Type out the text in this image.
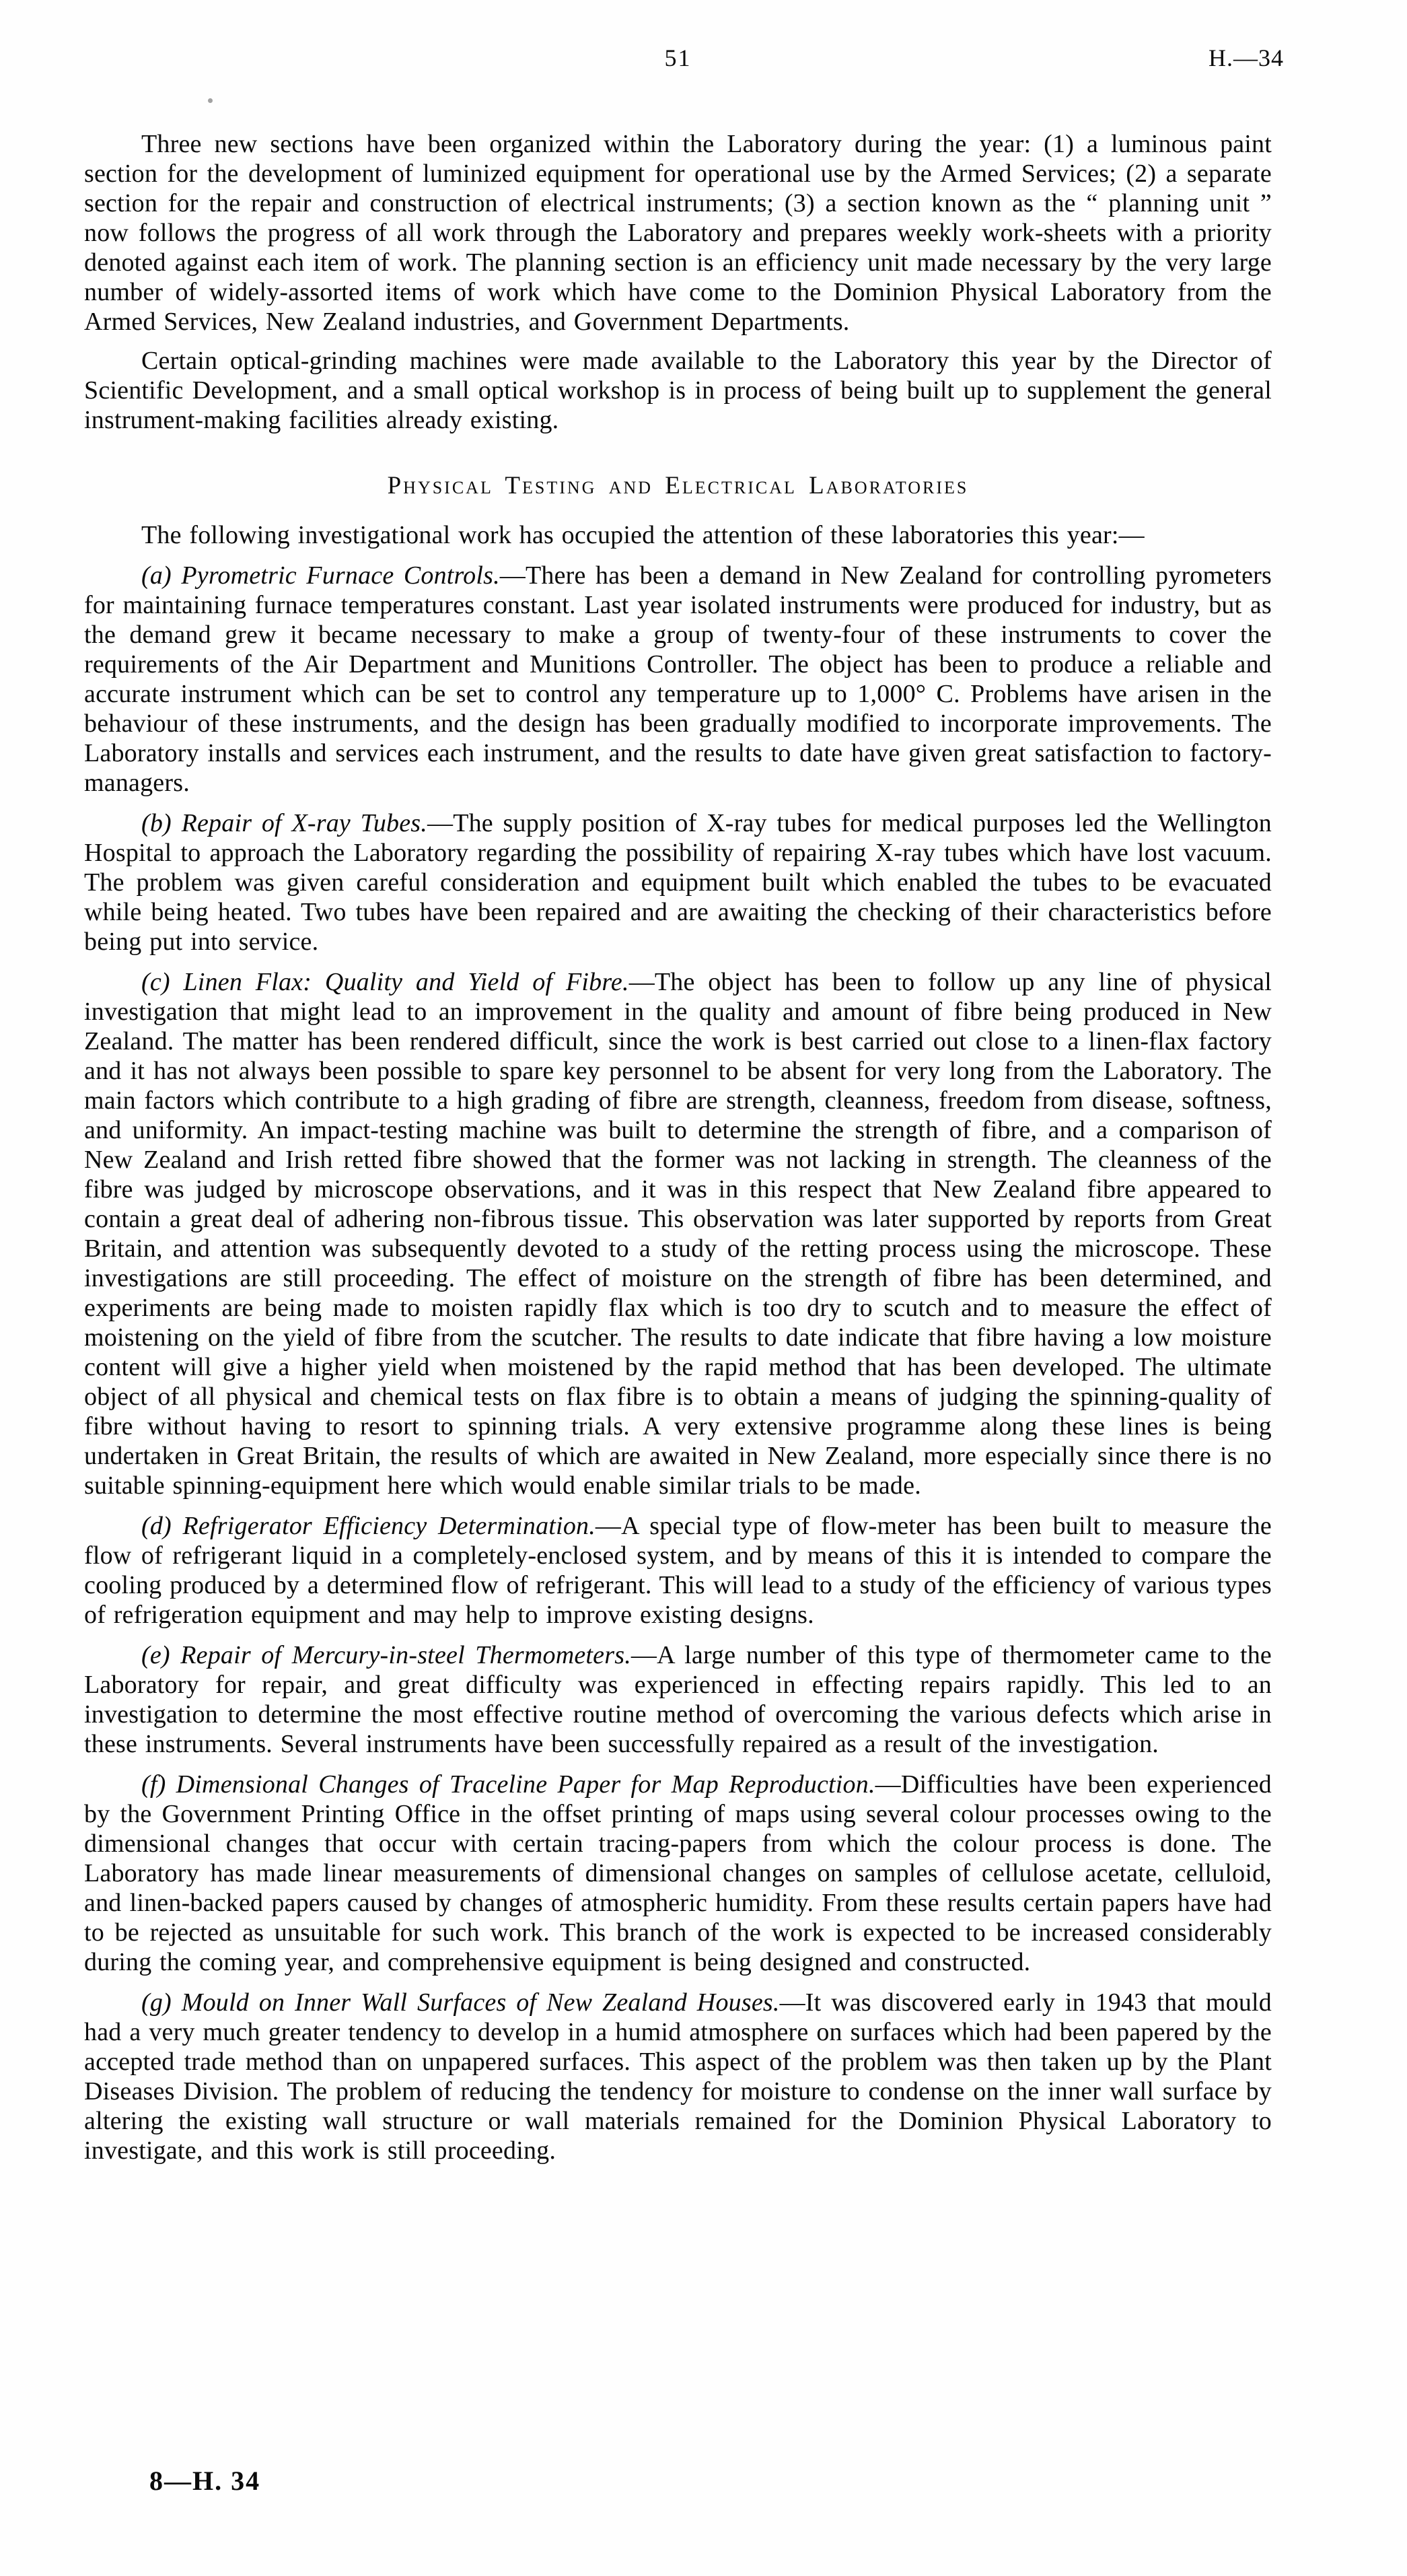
51	H.—34

Three new sections have been organized within the Laboratory during the year: (1) a luminous paint section for the development of luminized equipment for operational use by the Armed Services; (2) a separate section for the repair and construction of electrical instruments; (3) a section known as the “ planning unit ” now follows the progress of all work through the Laboratory and prepares weekly work-sheets with a priority denoted against each item of work. The planning section is an efficiency unit made necessary by the very large number of widely-assorted items of work which have come to the Dominion Physical Laboratory from the Armed Services, New Zealand industries, and Government Departments.

Certain optical-grinding machines were made available to the Laboratory this year by the Director of Scientific Development, and a small optical workshop is in process of being built up to supplement the general instrument-making facilities already existing.

Physical Testing and Electrical Laboratories

The following investigational work has occupied the attention of these laboratories this year:—

(a) Pyrometric Furnace Controls.—There has been a demand in New Zealand for controlling pyrometers for maintaining furnace temperatures constant. Last year isolated instruments were produced for industry, but as the demand grew it became necessary to make a group of twenty-four of these instruments to cover the requirements of the Air Department and Munitions Controller. The object has been to produce a reliable and accurate instrument which can be set to control any temperature up to 1,000° C. Problems have arisen in the behaviour of these instruments, and the design has been gradually modified to incorporate improvements. The Laboratory installs and services each instrument, and the results to date have given great satisfaction to factory-managers.

(b) Repair of X-ray Tubes.—The supply position of X-ray tubes for medical purposes led the Wellington Hospital to approach the Laboratory regarding the possibility of repairing X-ray tubes which have lost vacuum. The problem was given careful consideration and equipment built which enabled the tubes to be evacuated while being heated. Two tubes have been repaired and are awaiting the checking of their characteristics before being put into service.

(c) Linen Flax: Quality and Yield of Fibre.—The object has been to follow up any line of physical investigation that might lead to an improvement in the quality and amount of fibre being produced in New Zealand. The matter has been rendered difficult, since the work is best carried out close to a linen-flax factory and it has not always been possible to spare key personnel to be absent for very long from the Laboratory. The main factors which contribute to a high grading of fibre are strength, cleanness, freedom from disease, softness, and uniformity. An impact-testing machine was built to determine the strength of fibre, and a comparison of New Zealand and Irish retted fibre showed that the former was not lacking in strength. The cleanness of the fibre was judged by microscope observations, and it was in this respect that New Zealand fibre appeared to contain a great deal of adhering non-fibrous tissue. This observation was later supported by reports from Great Britain, and attention was subsequently devoted to a study of the retting process using the microscope. These investigations are still proceeding. The effect of moisture on the strength of fibre has been determined, and experiments are being made to moisten rapidly flax which is too dry to scutch and to measure the effect of moistening on the yield of fibre from the scutcher. The results to date indicate that fibre having a low moisture content will give a higher yield when moistened by the rapid method that has been developed. The ultimate object of all physical and chemical tests on flax fibre is to obtain a means of judging the spinning-quality of fibre without having to resort to spinning trials. A very extensive programme along these lines is being undertaken in Great Britain, the results of which are awaited in New Zealand, more especially since there is no suitable spinning-equipment here which would enable similar trials to be made.

(d) Refrigerator Efficiency Determination.—A special type of flow-meter has been built to measure the flow of refrigerant liquid in a completely-enclosed system, and by means of this it is intended to compare the cooling produced by a determined flow of refrigerant. This will lead to a study of the efficiency of various types of refrigeration equipment and may help to improve existing designs.

(e) Repair of Mercury-in-steel Thermometers.—A large number of this type of thermometer came to the Laboratory for repair, and great difficulty was experienced in effecting repairs rapidly. This led to an investigation to determine the most effective routine method of overcoming the various defects which arise in these instruments. Several instruments have been successfully repaired as a result of the investigation.

(f) Dimensional Changes of Traceline Paper for Map Reproduction.—Difficulties have been experienced by the Government Printing Office in the offset printing of maps using several colour processes owing to the dimensional changes that occur with certain tracing-papers from which the colour process is done. The Laboratory has made linear measurements of dimensional changes on samples of cellulose acetate, celluloid, and linen-backed papers caused by changes of atmospheric humidity. From these results certain papers have had to be rejected as unsuitable for such work. This branch of the work is expected to be increased considerably during the coming year, and comprehensive equipment is being designed and constructed.

(g) Mould on Inner Wall Surfaces of New Zealand Houses.—It was discovered early in 1943 that mould had a very much greater tendency to develop in a humid atmosphere on surfaces which had been papered by the accepted trade method than on unpapered surfaces. This aspect of the problem was then taken up by the Plant Diseases Division. The problem of reducing the tendency for moisture to condense on the inner wall surface by altering the existing wall structure or wall materials remained for the Dominion Physical Laboratory to investigate, and this work is still proceeding.

8—H. 34
